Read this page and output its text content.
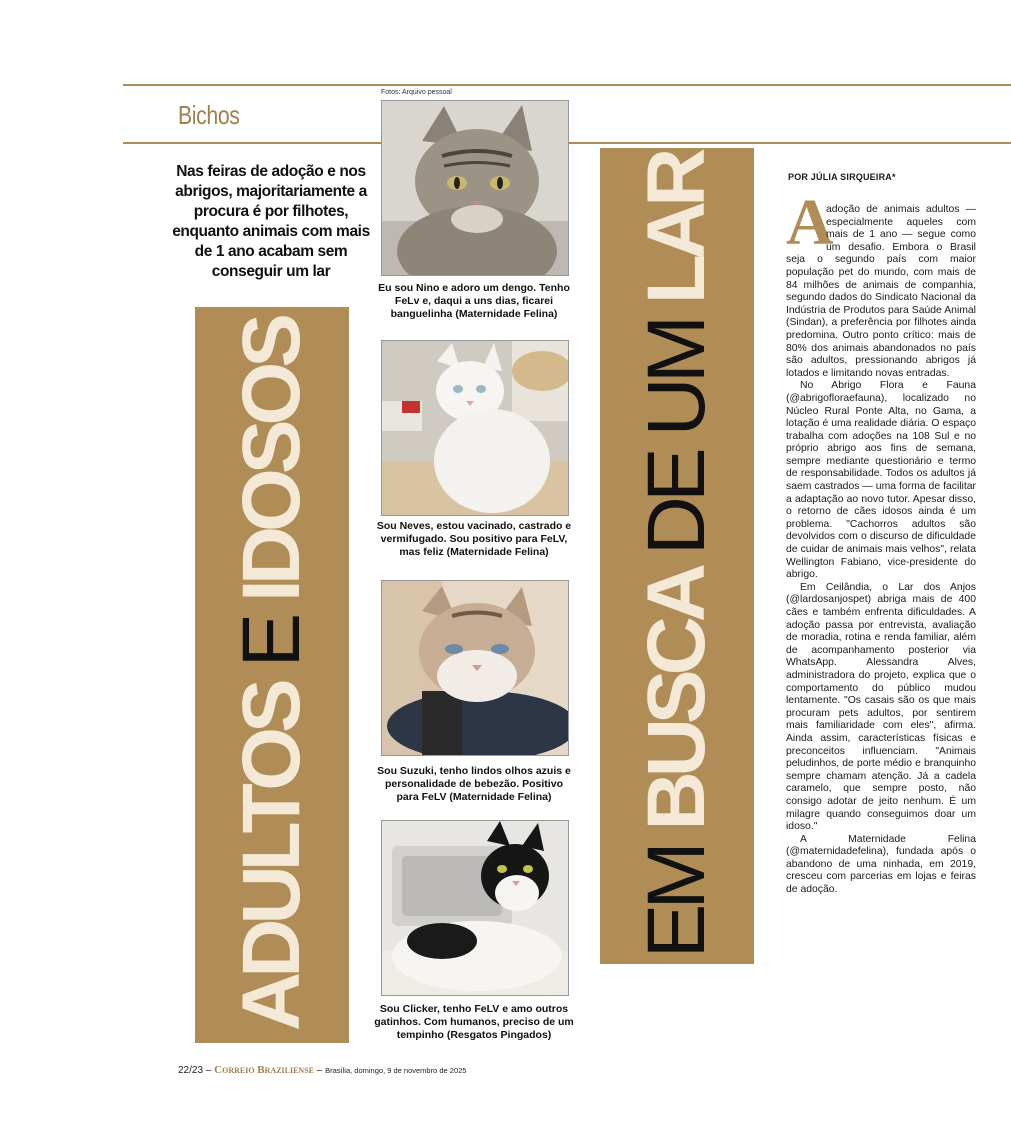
Bichos
Fotos: Arquivo pessoal
Nas feiras de adoção e nos abrigos, majoritariamente a procura é por filhotes, enquanto animais com mais de 1 ano acabam sem conseguir um lar
ADULTOS E IDOSOS
EM BUSCA DE UM LAR
Eu sou Nino e adoro um dengo. Tenho FeLv e, daqui a uns dias, ficarei banguelinha (Maternidade Felina)
Sou Neves, estou vacinado, castrado e vermifugado. Sou positivo para FeLV, mas feliz (Maternidade Felina)
Sou Suzuki, tenho lindos olhos azuis e personalidade de bebezão. Positivo para FeLV (Maternidade Felina)
Sou Clicker, tenho FeLV e amo outros gatinhos. Com humanos, preciso de um tempinho (Resgatos Pingados)
POR JÚLIA SIRQUEIRA*
A

adoção de animais adultos — especialmente aqueles com mais de 1 ano — segue como um desafio. Embora o Brasil seja o segundo país com maior população pet do mundo, com mais de 84 milhões de animais de companhia, segundo dados do Sindicato Nacional da Indústria de Produtos para Saúde Animal (Sindan), a preferência por filhotes ainda predomina. Outro ponto crítico: mais de 80% dos animais abandonados no país são adultos, pressionando abrigos já lotados e limitando novas entradas.

No Abrigo Flora e Fauna (@abrigofloraefauna), localizado no Núcleo Rural Ponte Alta, no Gama, a lotação é uma realidade diária. O espaço trabalha com adoções na 108 Sul e no próprio abrigo aos fins de semana, sempre mediante questionário e termo de responsabilidade. Todos os adultos já saem castrados — uma forma de facilitar a adaptação ao novo tutor. Apesar disso, o retorno de cães idosos ainda é um problema. "Cachorros adultos são devolvidos com o discurso de dificuldade de cuidar de animais mais velhos", relata Wellington Fabiano, vice-presidente do abrigo.

Em Ceilândia, o Lar dos Anjos (@lardosanjospet) abriga mais de 400 cães e também enfrenta dificuldades. A adoção passa por entrevista, avaliação de moradia, rotina e renda familiar, além de acompanhamento posterior via WhatsApp. Alessandra Alves, administradora do projeto, explica que o comportamento do público mudou lentamente. "Os casais são os que mais procuram pets adultos, por sentirem mais familiaridade com eles", afirma. Ainda assim, características físicas e preconceitos influenciam. "Animais peludinhos, de porte médio e branquinho sempre chamam atenção. Já a cadela caramelo, que sempre posto, não consigo adotar de jeito nenhum. É um milagre quando conseguimos doar um idoso."

A Maternidade Felina (@maternidadefelina), fundada após o abandono de uma ninhada, em 2019, cresceu com parcerias em lojas e feiras de adoção.

22/23 – Correio Braziliense – Brasília, domingo, 9 de novembro de 2025
